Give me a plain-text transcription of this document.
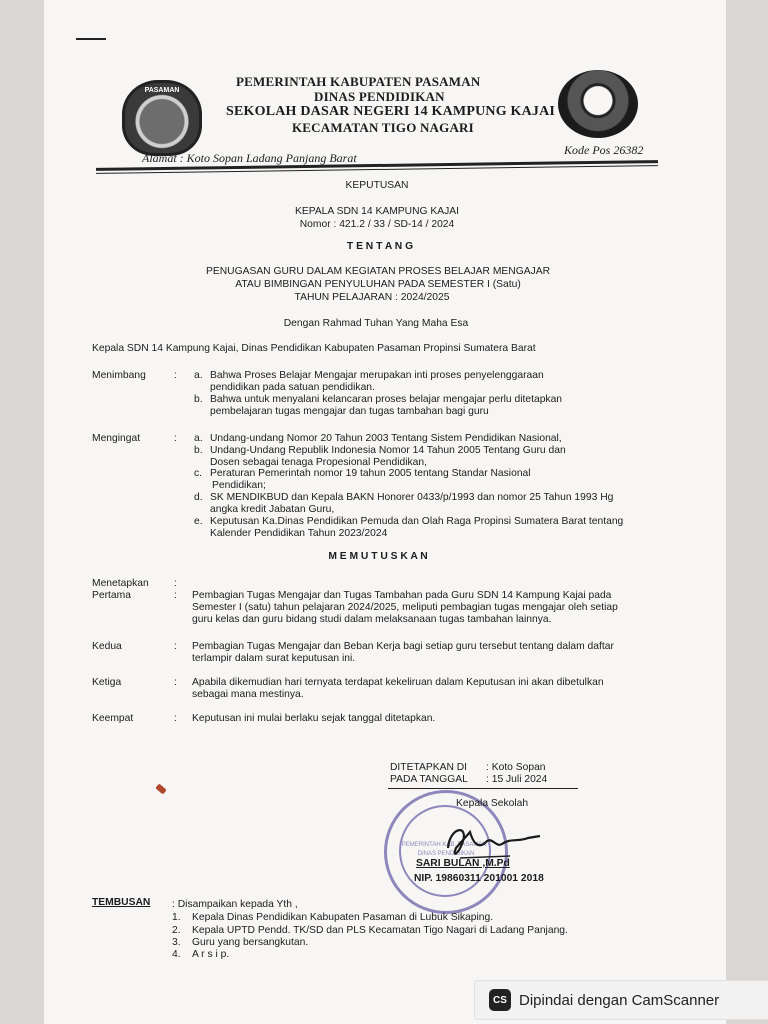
PASAMAN
PEMERINTAH KABUPATEN PASAMAN
DINAS PENDIDIKAN
SEKOLAH DASAR NEGERI 14 KAMPUNG KAJAI
KECAMATAN TIGO NAGARI
Alamat : Koto Sopan Ladang Panjang Barat
Kode Pos 26382
KEPUTUSAN
KEPALA SDN 14 KAMPUNG KAJAI
Nomor : 421.2 / 33 / SD-14 / 2024
T E N T A N G
PENUGASAN GURU DALAM KEGIATAN PROSES BELAJAR MENGAJAR
ATAU BIMBINGAN PENYULUHAN PADA SEMESTER I (Satu)
TAHUN PELAJARAN : 2024/2025
Dengan Rahmad Tuhan Yang Maha Esa
Kepala SDN 14 Kampung Kajai, Dinas Pendidikan Kabupaten Pasaman Propinsi Sumatera Barat
Menimbang	: a. Bahwa Proses Belajar Mengajar merupakan inti proses penyelenggaraan
pendidikan pada satuan pendidikan.
b. Bahwa untuk menyalani kelancaran proses belajar mengajar perlu ditetapkan
pembelajaran tugas mengajar dan tugas tambahan bagi guru
Mengingat	: a. Undang-undang Nomor 20 Tahun 2003 Tentang Sistem Pendidikan Nasional,
b. Undang-Undang Republik Indonesia Nomor 14 Tahun 2005 Tentang Guru dan
Dosen sebagai tenaga Propesional Pendidikan,
c. Peraturan Pemerintah nomor 19 tahun 2005 tentang Standar Nasional
Pendidikan;
d. SK MENDIKBUD dan Kepala BAKN Honorer 0433/p/1993 dan nomor 25 Tahun 1993 Hg
angka kredit Jabatan Guru,
e. Keputusan Ka.Dinas Pendidikan Pemuda dan Olah Raga Propinsi Sumatera Barat tentang
Kalender Pendidikan Tahun 2023/2024
M E M U T U S K A N
Menetapkan :
Pertama	: Pembagian Tugas Mengajar dan Tugas Tambahan pada Guru SDN 14 Kampung Kajai pada
Semester I (satu) tahun pelajaran 2024/2025, meliputi pembagian tugas mengajar oleh setiap
guru kelas dan guru bidang studi dalam melaksanaan tugas tambahan lainnya.
Kedua	: Pembagian Tugas Mengajar dan Beban Kerja bagi setiap guru tersebut tentang dalam daftar
terlampir dalam surat keputusan ini.
Ketiga	: Apabila dikemudian hari ternyata terdapat kekeliruan dalam Keputusan ini akan dibetulkan
sebagai mana mestinya.
Keempat	: Keputusan ini mulai berlaku sejak tanggal ditetapkan.
DITETAPKAN DI : Koto Sopan
PADA TANGGAL : 15 Juli 2024
PEMERINTAH KAB. PASAMAN · DINAS PENDIDIKAN
Kepala Sekolah
SARI BULAN ,M.Pd
NIP. 19860311 201001 2018
TEMBUSAN : Disampaikan kepada Yth ,
1. Kepala Dinas Pendidikan Kabupaten Pasaman di Lubuk Sikaping.
2. Kepala UPTD Pendd. TK/SD dan PLS Kecamatan Tigo Nagari di Ladang Panjang.
3. Guru yang bersangkutan.
4. A r s i p.
CS Dipindai dengan CamScanner
